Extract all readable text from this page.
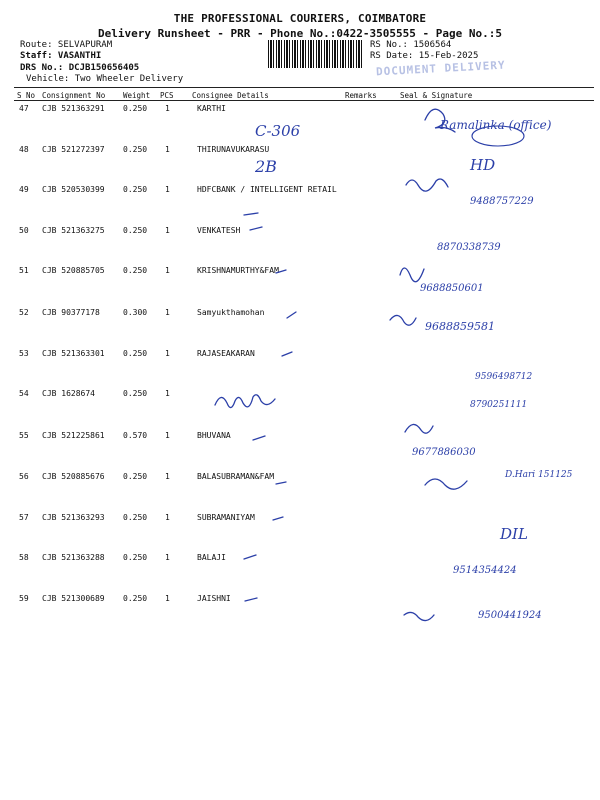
THE PROFESSIONAL COURIERS, COIMBATORE
Delivery Runsheet - PRR - Phone No.:0422-3505555 - Page No.:5
Route: SELVAPURAM
Staff: VASANTHI
DRS No.: DCJB150656405
Vehicle: Two Wheeler Delivery
RS No.: 1506564
RS Date: 15-Feb-2025
DOCUMENT DELIVERY
S No Consignment No Weight PCS Consignee Details	Remarks	Seal & Signature
47 CJB 521363291 0.250 1	KARTHI
48 CJB 521272397 0.250 1	THIRUNAVUKARASU
49 CJB 520530399 0.250 1	HDFCBANK / INTELLIGENT RETAIL
50 CJB 521363275 0.250 1	VENKATESH
51 CJB 520885705 0.250 1	KRISHNAMURTHY&FAM
52 CJB 90377178	0.300 1	Samyukthamohan
53 CJB 521363301 0.250 1	RAJASEAKARAN
54 CJB 1628674	0.250 1
55 CJB 521225861 0.570 1	BHUVANA
56 CJB 520885676 0.250 1	BALASUBRAMAN&FAM
57 CJB 521363293 0.250 1	SUBRAMANIYAM
58 CJB 521363288 0.250 1	BALAJI
59 CJB 521300689 0.250 1	JAISHNI
C-306
2B
Ramalinka (office)
HD
9488757229
8870338739
9688850601
9688859581
9596498712
8790251111
9677886030
D.Hari 151125
DIL
9514354424
9500441924
